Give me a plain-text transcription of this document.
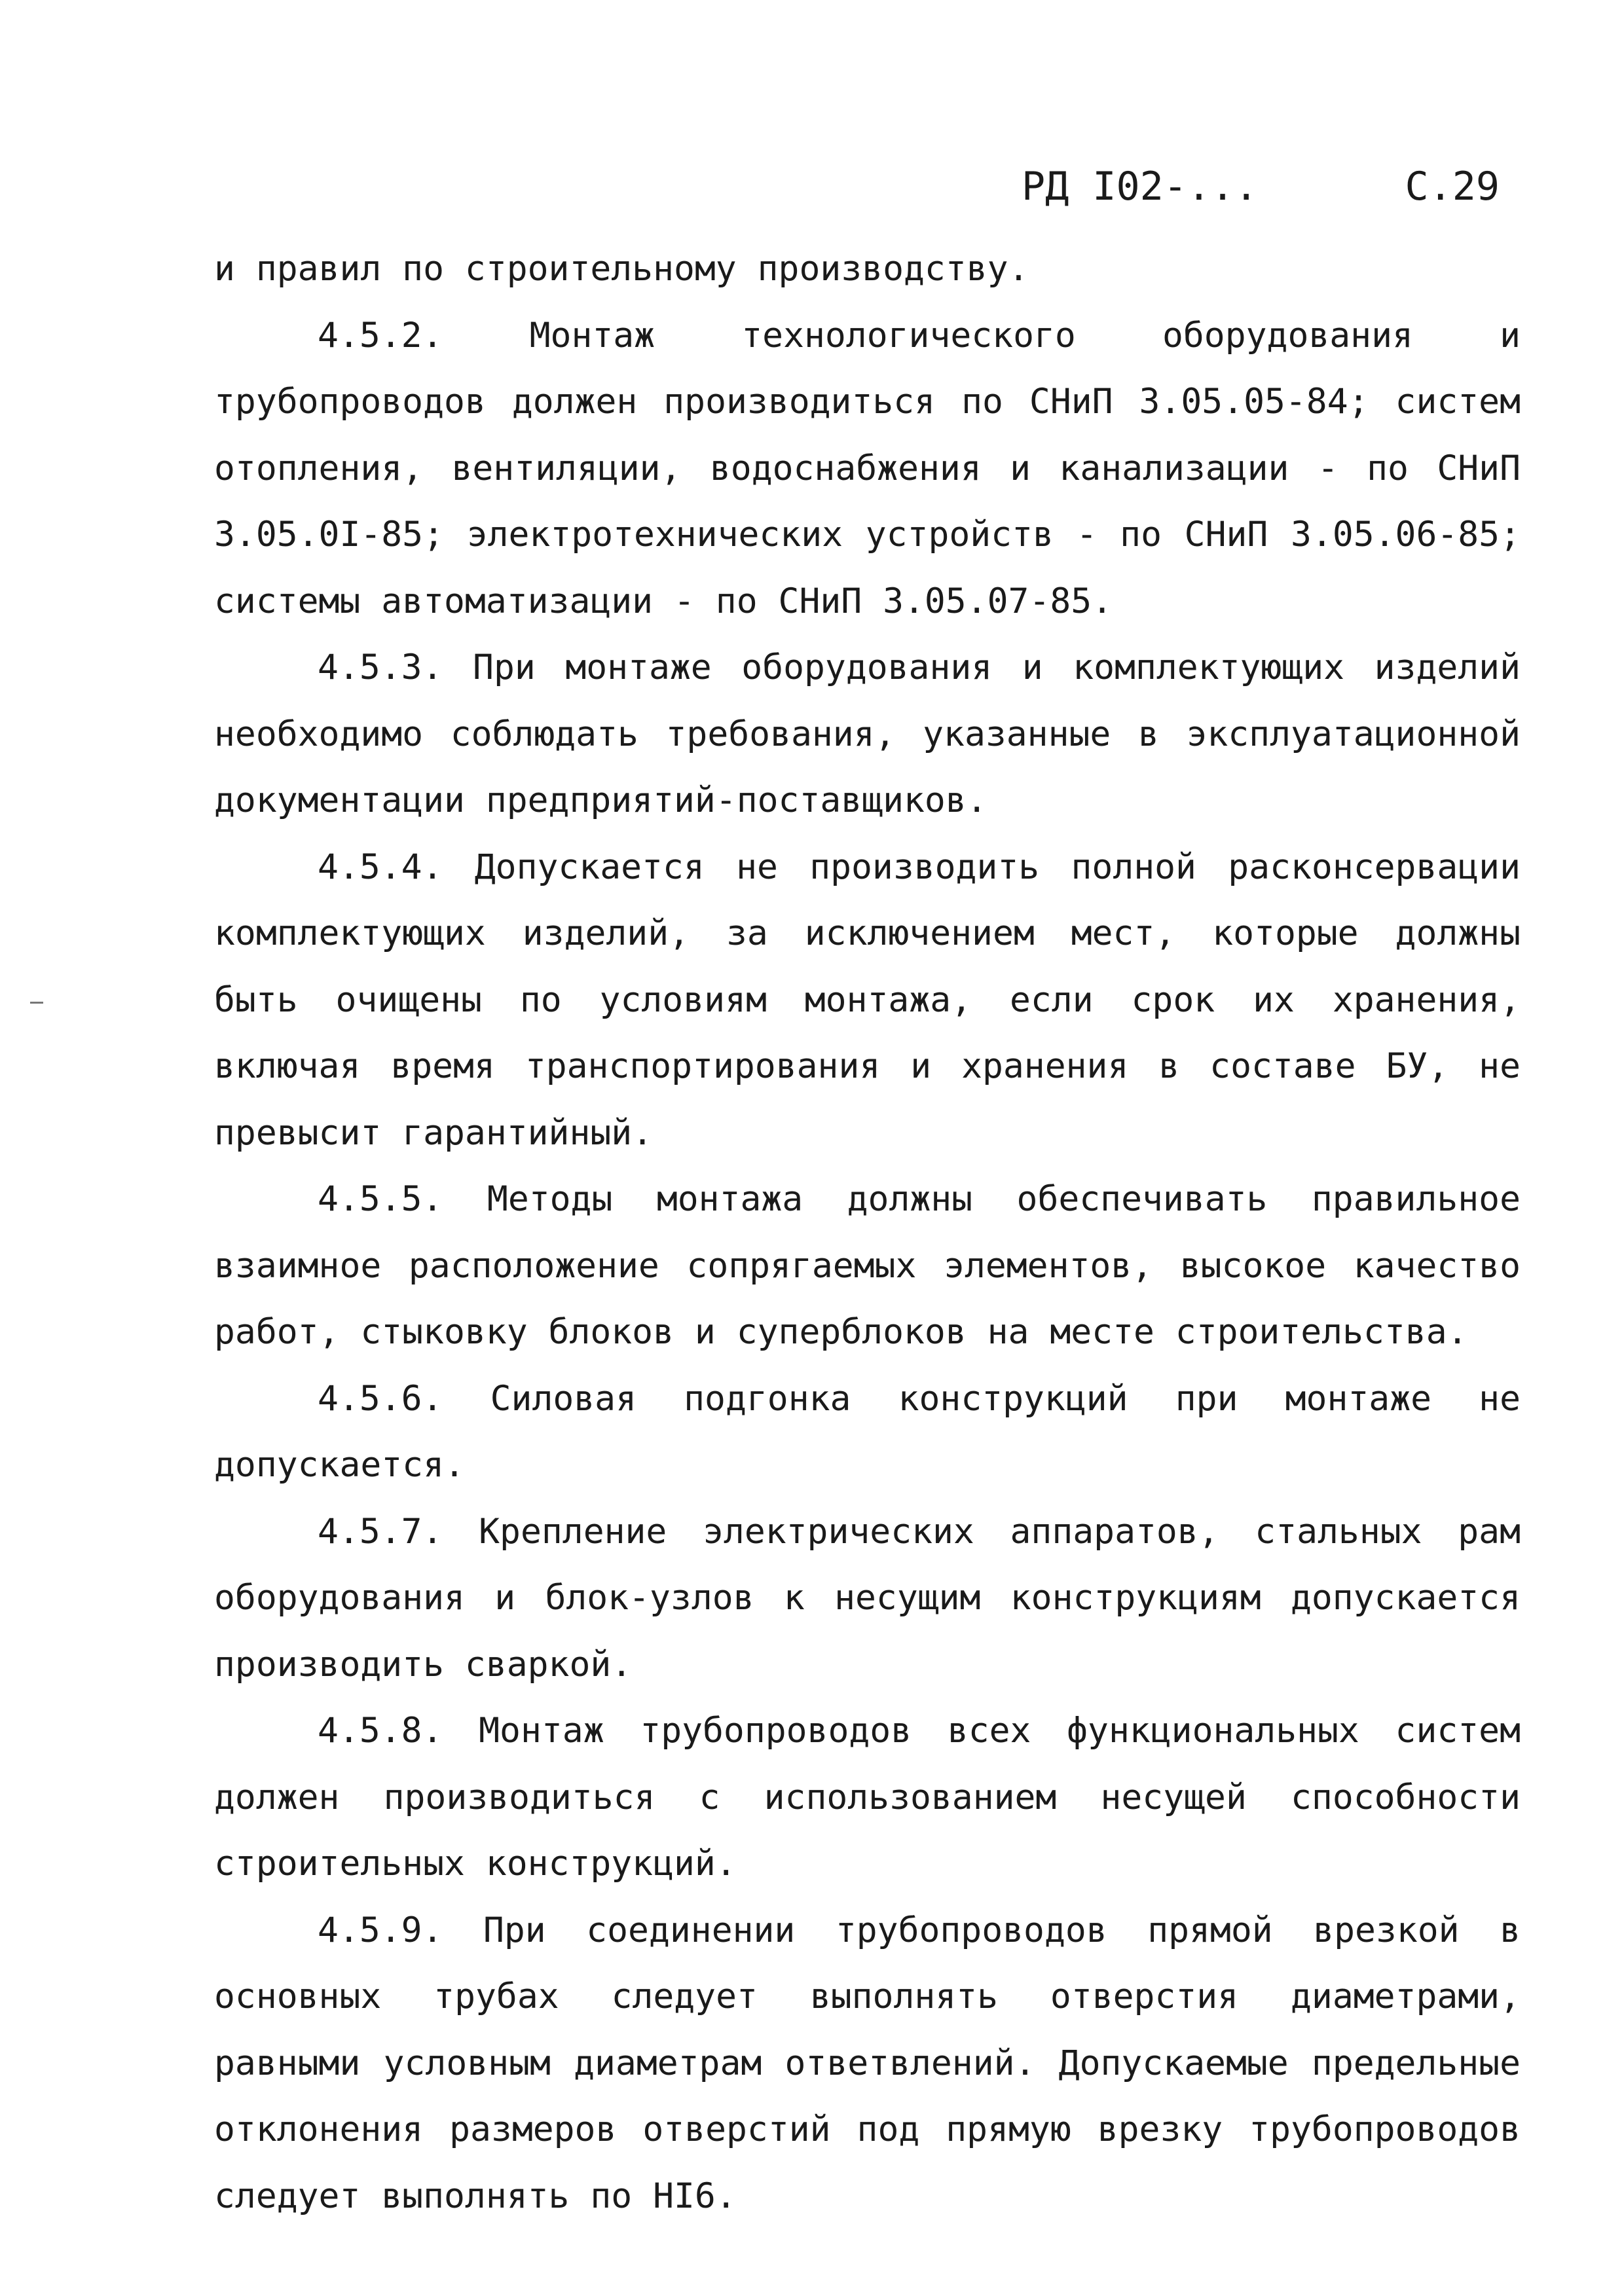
РД I02-...	С.29

и правил по строительному производству.

4.5.2. Монтаж технологического оборудования и трубопроводов должен производиться по СНиП 3.05.05-84; систем отопления, вентиляции, водоснабжения и канализации - по СНиП 3.05.0I-85; электротехнических устройств - по СНиП 3.05.06-85; системы автоматизации - по СНиП 3.05.07-85.

4.5.3. При монтаже оборудования и комплектующих изделий необходимо соблюдать требования, указанные в эксплуатационной документации предприятий-поставщиков.

4.5.4. Допускается не производить полной расконсервации комплектующих изделий, за исключением мест, которые должны быть очищены по условиям монтажа, если срок их хранения, включая время транспортирования и хранения в составе БУ, не превысит гарантийный.

4.5.5. Методы монтажа должны обеспечивать правильное взаимное расположение сопрягаемых элементов, высокое качество работ, стыковку блоков и суперблоков на месте строительства.

4.5.6. Силовая подгонка конструкций при монтаже не допускается.

4.5.7. Крепление электрических аппаратов, стальных рам оборудования и блок-узлов к несущим конструкциям допускается производить сваркой.

4.5.8. Монтаж трубопроводов всех функциональных систем должен производиться с использованием несущей способности строительных конструкций.

4.5.9. При соединении трубопроводов прямой врезкой в основных трубах следует выполнять отверстия диаметрами, равными условным диаметрам ответвлений. Допускаемые предельные отклонения размеров отверстий под прямую врезку трубопроводов следует выполнять по HI6.
